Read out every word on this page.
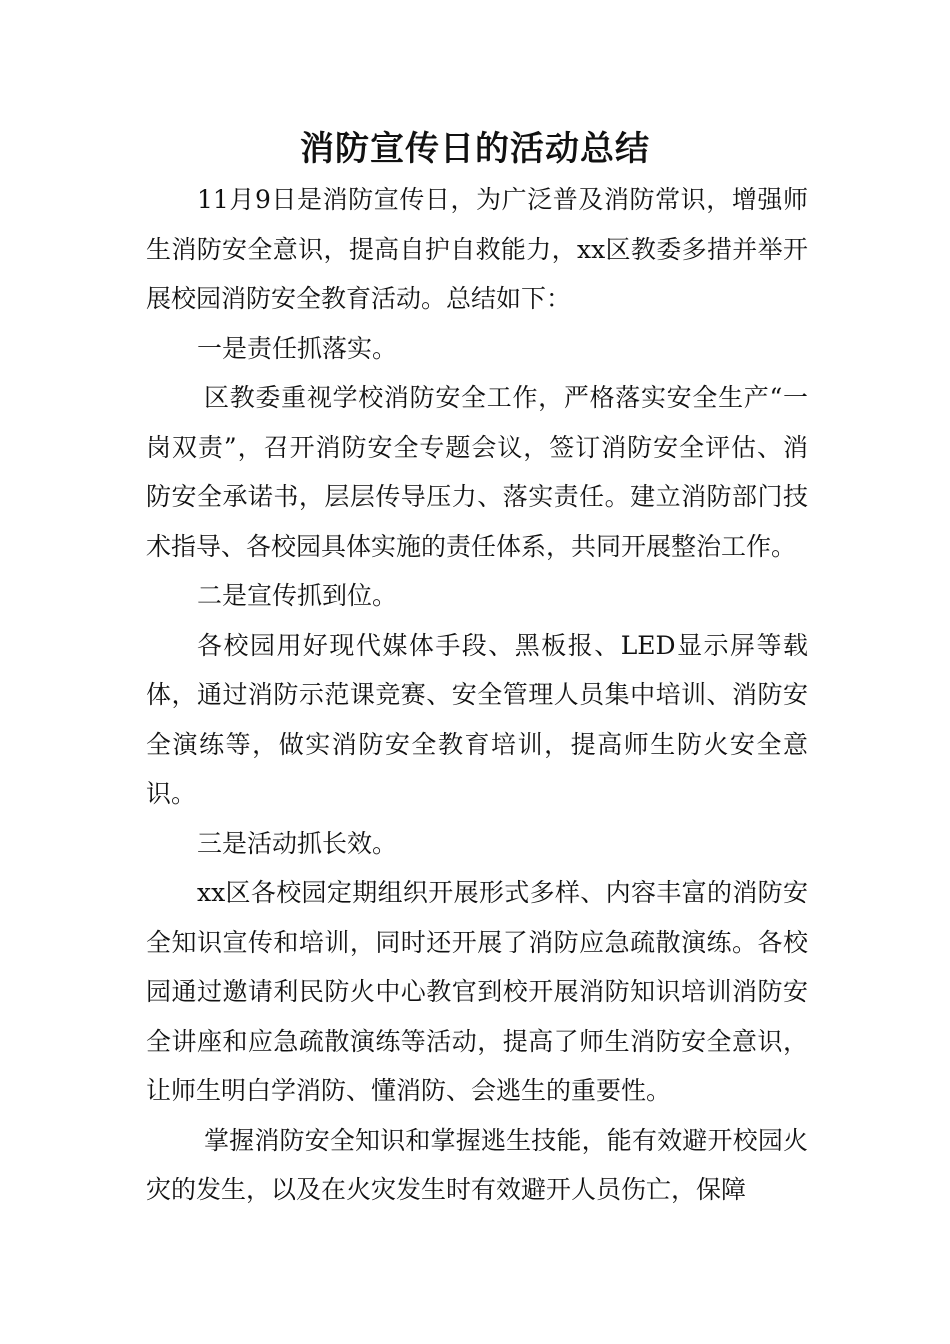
消防宣传日的活动总结

11月9日是消防宣传日，为广泛普及消防常识，增强师生消防安全意识，提高自护自救能力，xx区教委多措并举开展校园消防安全教育活动。总结如下：

一是责任抓落实。

区教委重视学校消防安全工作，严格落实安全生产“一岗双责”，召开消防安全专题会议，签订消防安全评估、消防安全承诺书，层层传导压力、落实责任。建立消防部门技术指导、各校园具体实施的责任体系，共同开展整治工作。

二是宣传抓到位。

各校园用好现代媒体手段、黑板报、LED显示屏等载体，通过消防示范课竞赛、安全管理人员集中培训、消防安全演练等，做实消防安全教育培训，提高师生防火安全意识。

三是活动抓长效。

xx区各校园定期组织开展形式多样、内容丰富的消防安全知识宣传和培训，同时还开展了消防应急疏散演练。各校园通过邀请利民防火中心教官到校开展消防知识培训消防安全讲座和应急疏散演练等活动，提高了师生消防安全意识，让师生明白学消防、懂消防、会逃生的重要性。

掌握消防安全知识和掌握逃生技能，能有效避开校园火灾的发生，以及在火灾发生时有效避开人员伤亡，保障
